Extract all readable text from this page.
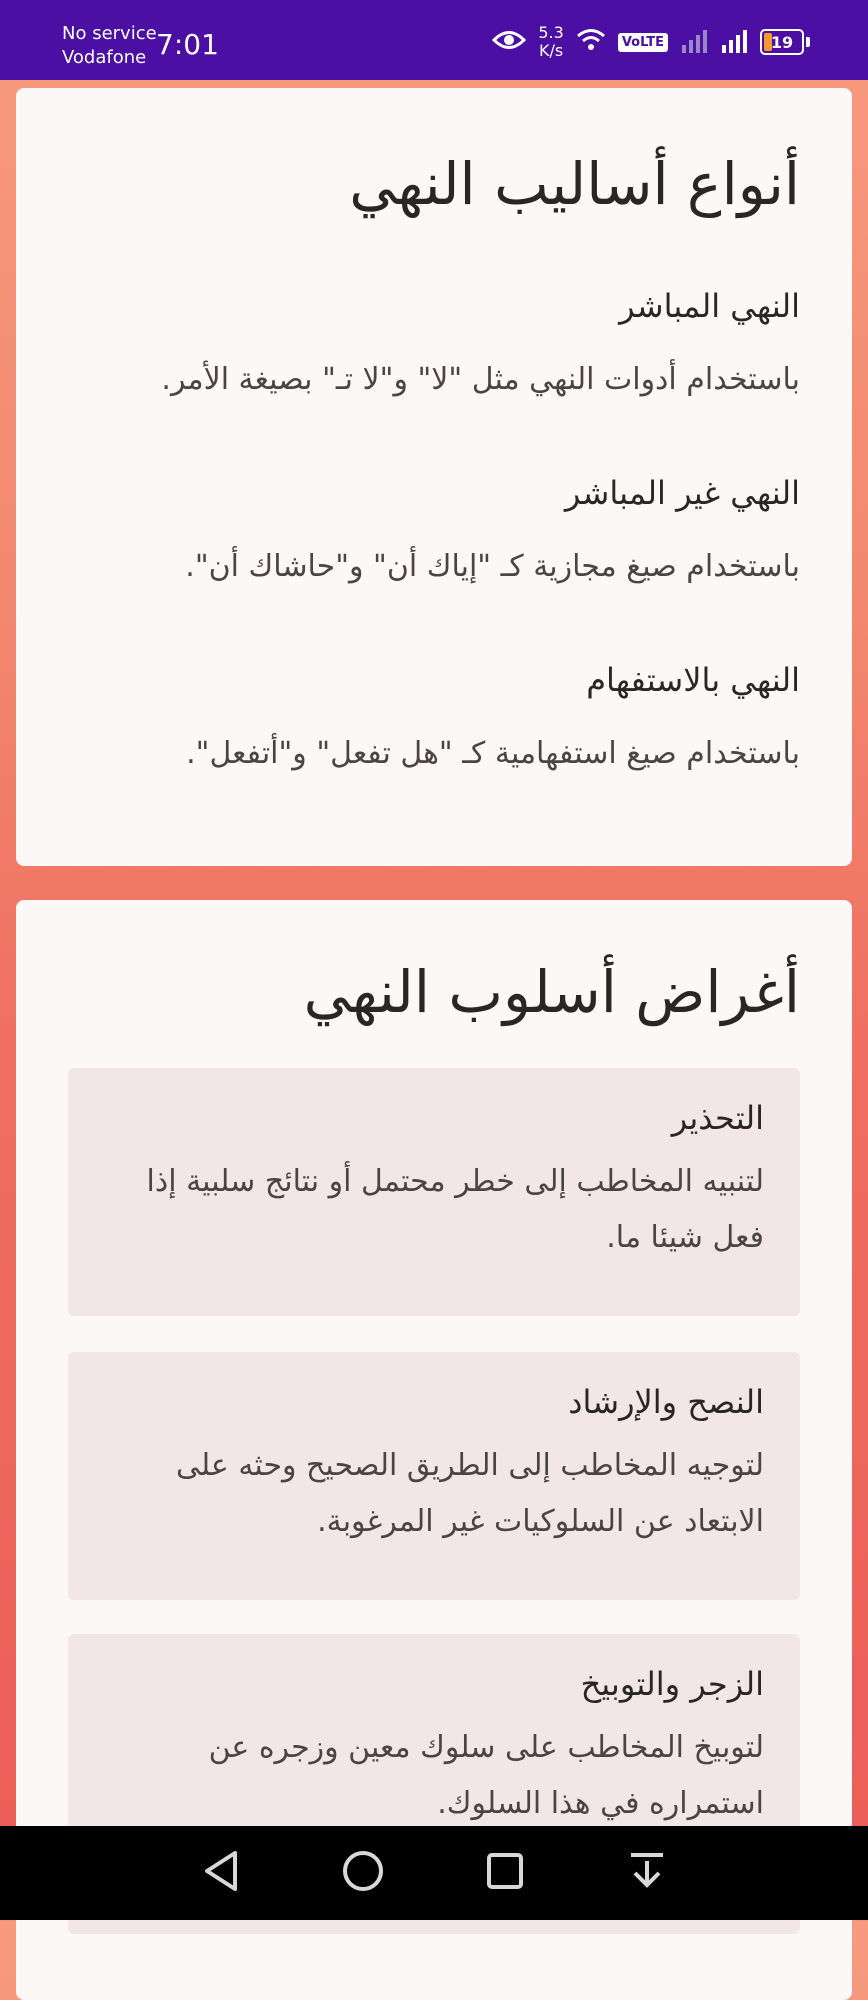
No service
Vodafone 7:01	5.3
K/s	VoLTE	19
أنواع أساليب النهي
النهي المباشر
باستخدام أدوات النهي مثل "لا" و"لا تـ" بصيغة الأمر.
النهي غير المباشر
باستخدام صيغ مجازية كـ "إياك أن" و"حاشاك أن".
النهي بالاستفهام
باستخدام صيغ استفهامية كـ "هل تفعل" و"أتفعل".
أغراض أسلوب النهي
التحذير
لتنبيه المخاطب إلى خطر محتمل أو نتائج سلبية إذا فعل شيئا ما.
النصح والإرشاد
لتوجيه المخاطب إلى الطريق الصحيح وحثه على الابتعاد عن السلوكيات غير المرغوبة.
الزجر والتوبيخ
لتوبيخ المخاطب على سلوك معين وزجره عن استمراره في هذا السلوك.
